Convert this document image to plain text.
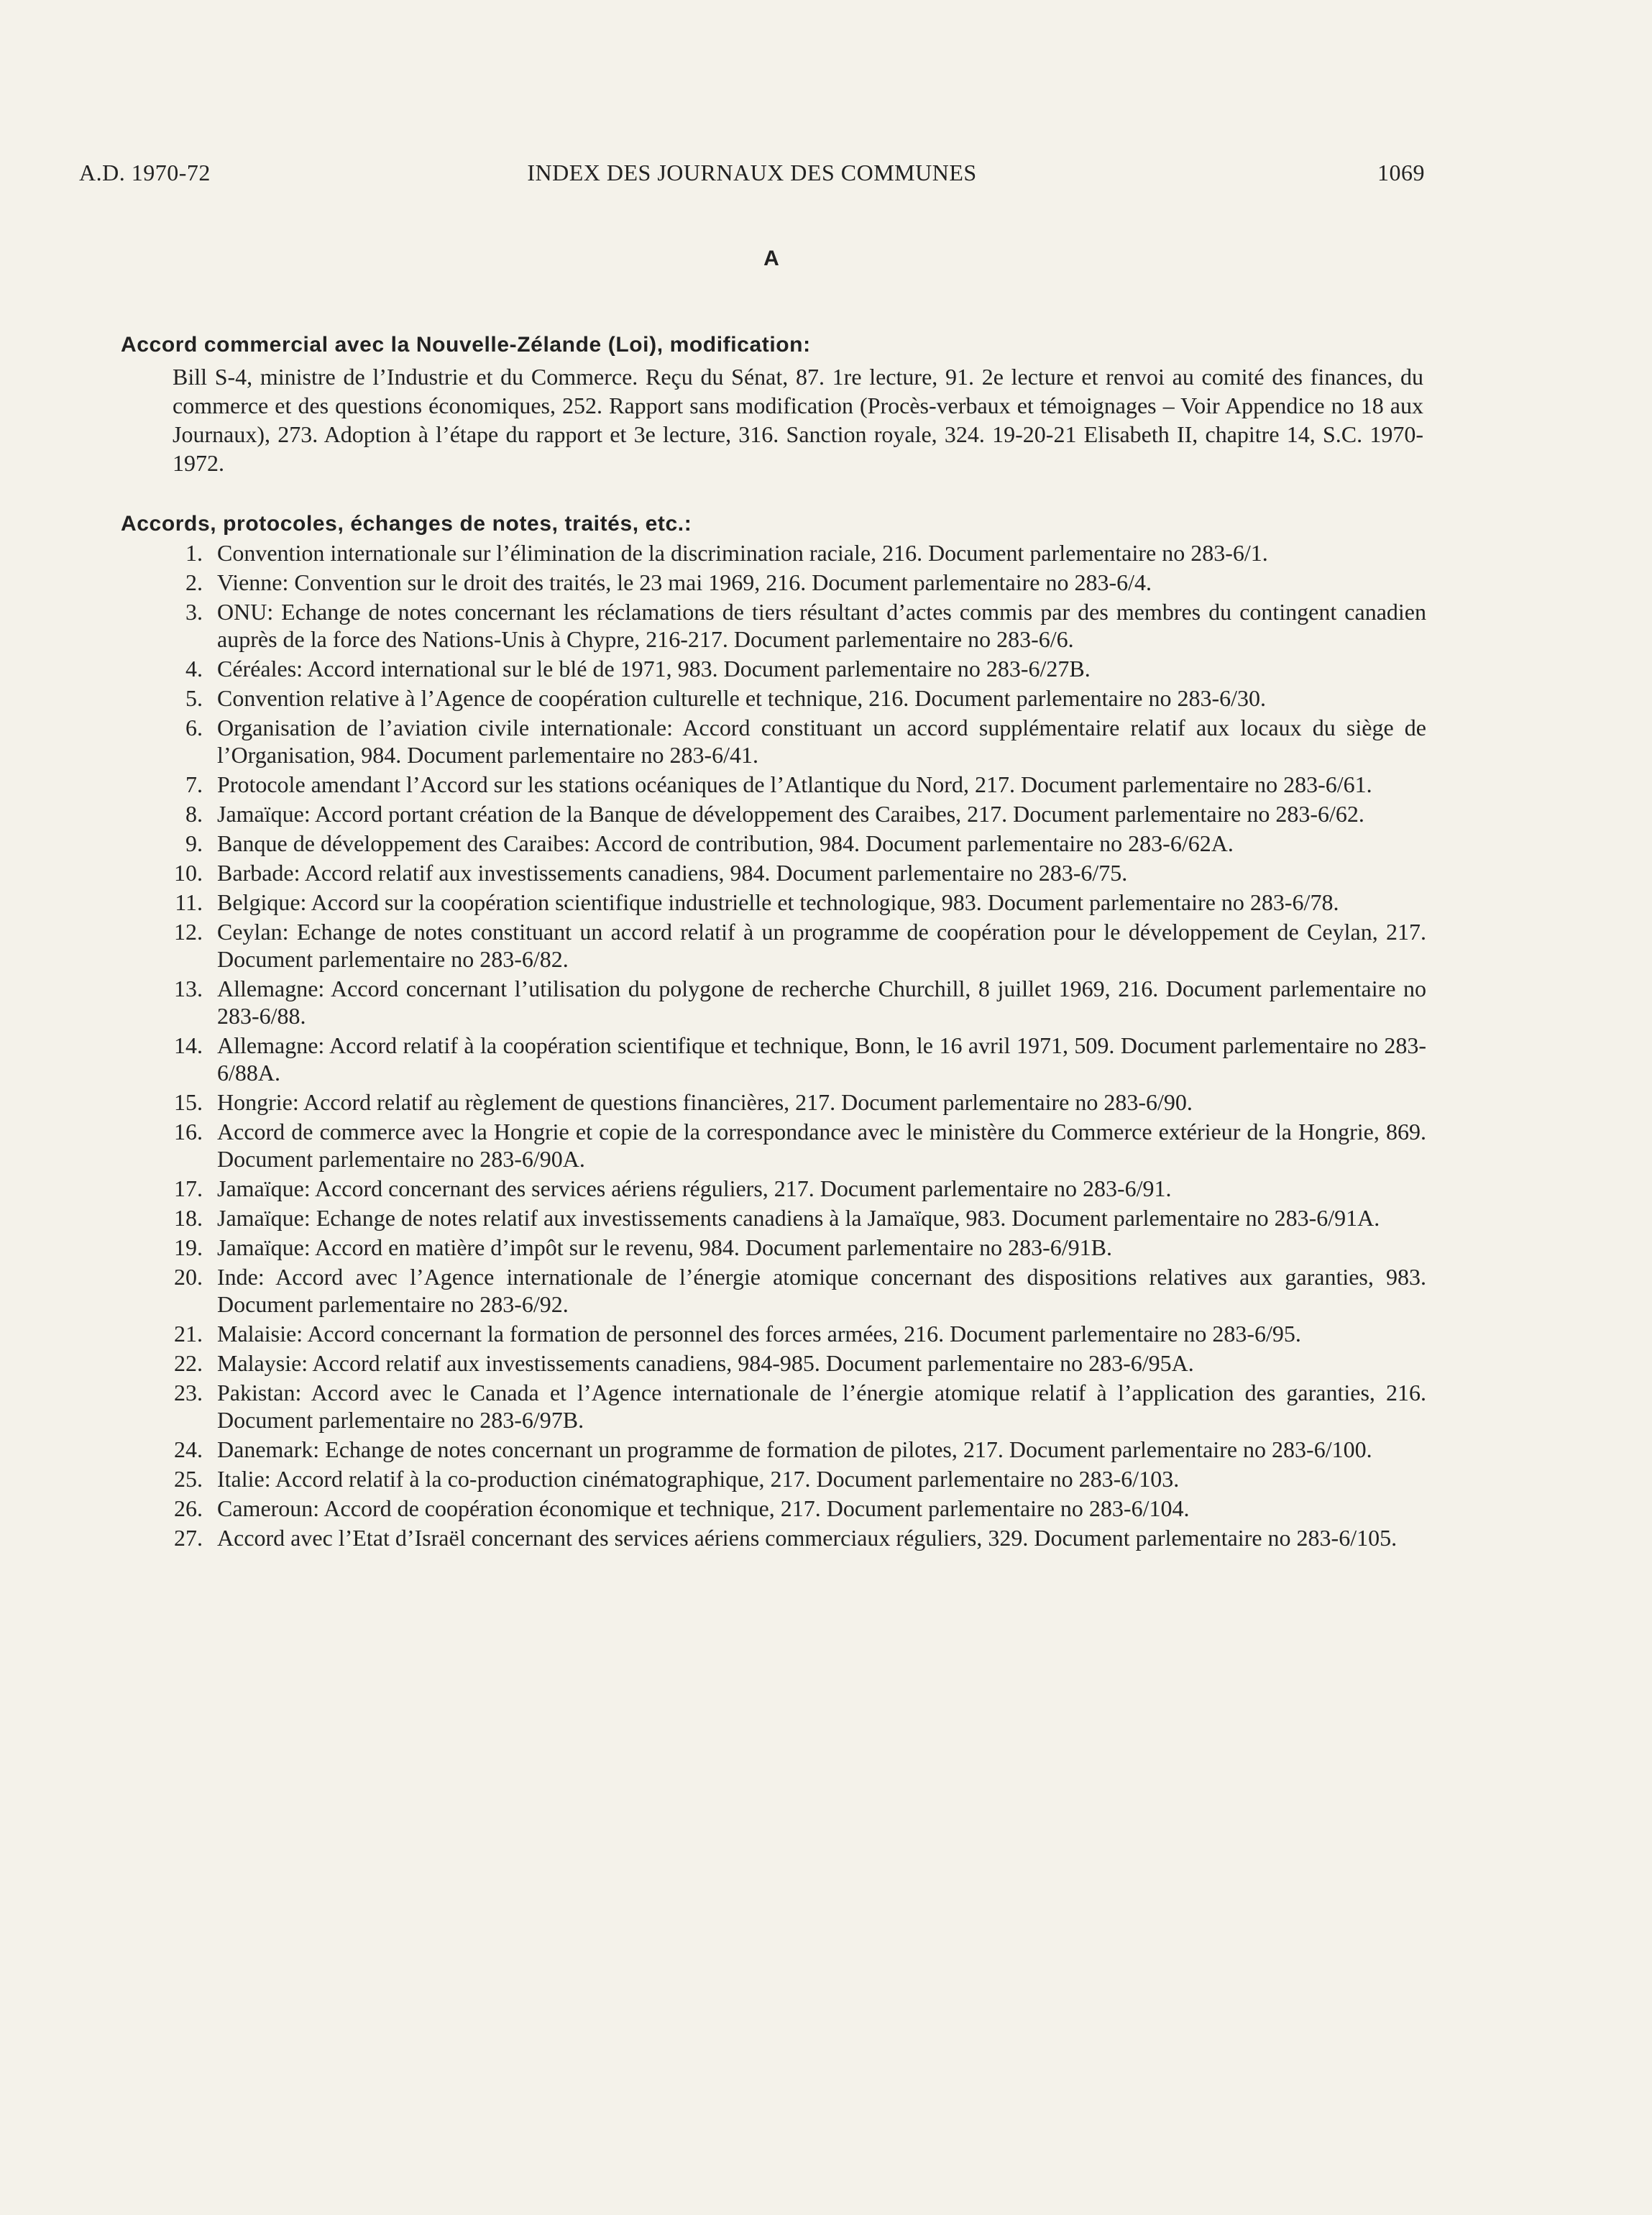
A.D. 1970-72	INDEX DES JOURNAUX DES COMMUNES	1069
A
Accord commercial avec la Nouvelle-Zélande (Loi), modification:
Bill S-4, ministre de l’Industrie et du Commerce. Reçu du Sénat, 87. 1re lecture, 91. 2e lecture et renvoi au comité des finances, du commerce et des questions économiques, 252. Rapport sans modification (Procès-verbaux et témoignages – Voir Appendice no 18 aux Journaux), 273. Adoption à l’étape du rapport et 3e lecture, 316. Sanction royale, 324. 19-20-21 Elisabeth II, chapitre 14, S.C. 1970-1972.
Accords, protocoles, échanges de notes, traités, etc.:
1. Convention internationale sur l’élimination de la discrimination raciale, 216. Document parlementaire no 283-6/1.
2. Vienne: Convention sur le droit des traités, le 23 mai 1969, 216. Document parlementaire no 283-6/4.
3. ONU: Echange de notes concernant les réclamations de tiers résultant d’actes commis par des membres du contingent canadien auprès de la force des Nations-Unis à Chypre, 216-217. Document parlementaire no 283-6/6.
4. Céréales: Accord international sur le blé de 1971, 983. Document parlementaire no 283-6/27B.
5. Convention relative à l’Agence de coopération culturelle et technique, 216. Document parlementaire no 283-6/30.
6. Organisation de l’aviation civile internationale: Accord constituant un accord supplémentaire relatif aux locaux du siège de l’Organisation, 984. Document parlementaire no 283-6/41.
7. Protocole amendant l’Accord sur les stations océaniques de l’Atlantique du Nord, 217. Document parlementaire no 283-6/61.
8. Jamaïque: Accord portant création de la Banque de développement des Caraibes, 217. Document parlementaire no 283-6/62.
9. Banque de développement des Caraibes: Accord de contribution, 984. Document parlementaire no 283-6/62A.
10. Barbade: Accord relatif aux investissements canadiens, 984. Document parlementaire no 283-6/75.
11. Belgique: Accord sur la coopération scientifique industrielle et technologique, 983. Document parlementaire no 283-6/78.
12. Ceylan: Echange de notes constituant un accord relatif à un programme de coopération pour le développement de Ceylan, 217. Document parlementaire no 283-6/82.
13. Allemagne: Accord concernant l’utilisation du polygone de recherche Churchill, 8 juillet 1969, 216. Document parlementaire no 283-6/88.
14. Allemagne: Accord relatif à la coopération scientifique et technique, Bonn, le 16 avril 1971, 509. Document parlementaire no 283-6/88A.
15. Hongrie: Accord relatif au règlement de questions financières, 217. Document parlementaire no 283-6/90.
16. Accord de commerce avec la Hongrie et copie de la correspondance avec le ministère du Commerce extérieur de la Hongrie, 869. Document parlementaire no 283-6/90A.
17. Jamaïque: Accord concernant des services aériens réguliers, 217. Document parlementaire no 283-6/91.
18. Jamaïque: Echange de notes relatif aux investissements canadiens à la Jamaïque, 983. Document parlementaire no 283-6/91A.
19. Jamaïque: Accord en matière d’impôt sur le revenu, 984. Document parlementaire no 283-6/91B.
20. Inde: Accord avec l’Agence internationale de l’énergie atomique concernant des dispositions relatives aux garanties, 983. Document parlementaire no 283-6/92.
21. Malaisie: Accord concernant la formation de personnel des forces armées, 216. Document parlementaire no 283-6/95.
22. Malaysie: Accord relatif aux investissements canadiens, 984-985. Document parlementaire no 283-6/95A.
23. Pakistan: Accord avec le Canada et l’Agence internationale de l’énergie atomique relatif à l’application des garanties, 216. Document parlementaire no 283-6/97B.
24. Danemark: Echange de notes concernant un programme de formation de pilotes, 217. Document parlementaire no 283-6/100.
25. Italie: Accord relatif à la co-production cinématographique, 217. Document parlementaire no 283-6/103.
26. Cameroun: Accord de coopération économique et technique, 217. Document parlementaire no 283-6/104.
27. Accord avec l’Etat d’Israël concernant des services aériens commerciaux réguliers, 329. Document parlementaire no 283-6/105.
